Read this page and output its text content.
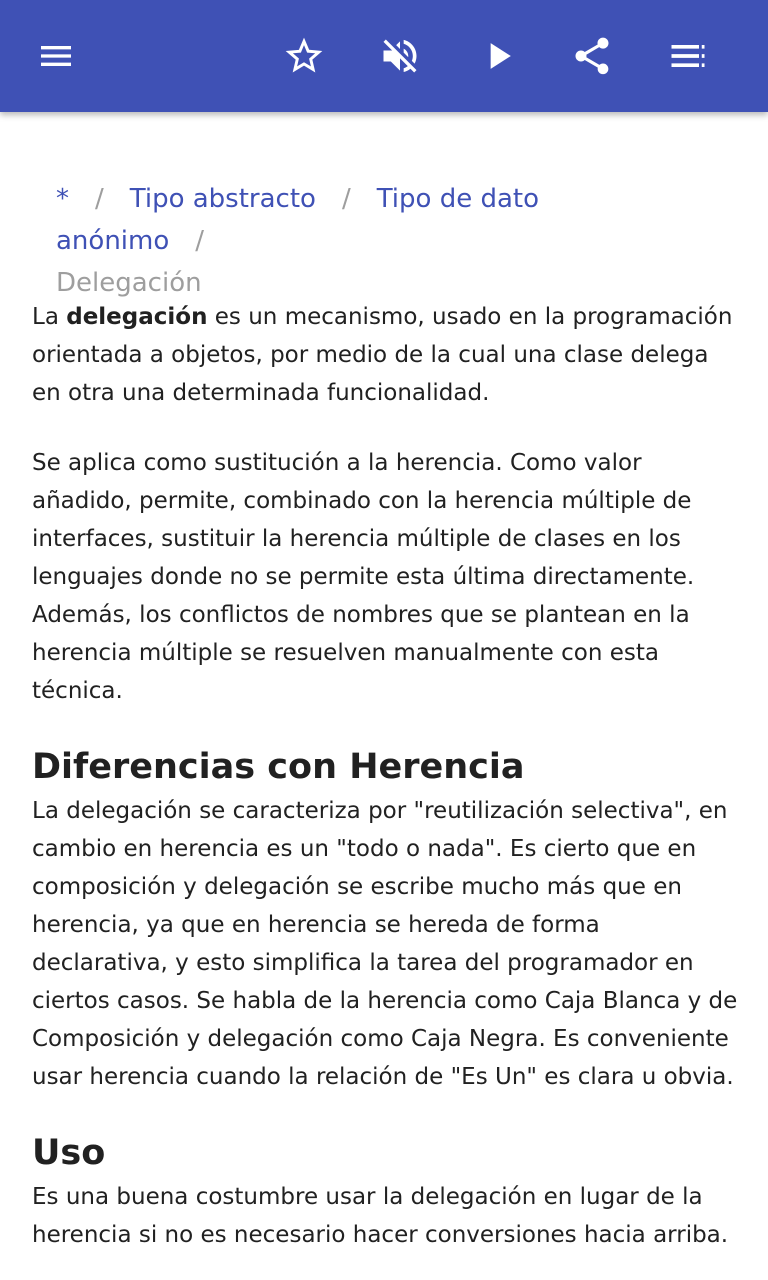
* / Tipo abstracto / Tipo de dato anónimo /
Delegación

La delegación es un mecanismo, usado en la programación orientada a objetos, por medio de la cual una clase delega en otra una determinada funcionalidad.

Se aplica como sustitución a la herencia. Como valor añadido, permite, combinado con la herencia múltiple de interfaces, sustituir la herencia múltiple de clases en los lenguajes donde no se permite esta última directamente. Además, los conflictos de nombres que se plantean en la herencia múltiple se resuelven manualmente con esta técnica.

Diferencias con Herencia

La delegación se caracteriza por "reutilización selectiva", en cambio en herencia es un "todo o nada". Es cierto que en composición y delegación se escribe mucho más que en herencia, ya que en herencia se hereda de forma declarativa, y esto simplifica la tarea del programador en ciertos casos. Se habla de la herencia como Caja Blanca y de Composición y delegación como Caja Negra. Es conveniente usar herencia cuando la relación de "Es Un" es clara u obvia.

Uso

Es una buena costumbre usar la delegación en lugar de la herencia si no es necesario hacer conversiones hacia arriba.
